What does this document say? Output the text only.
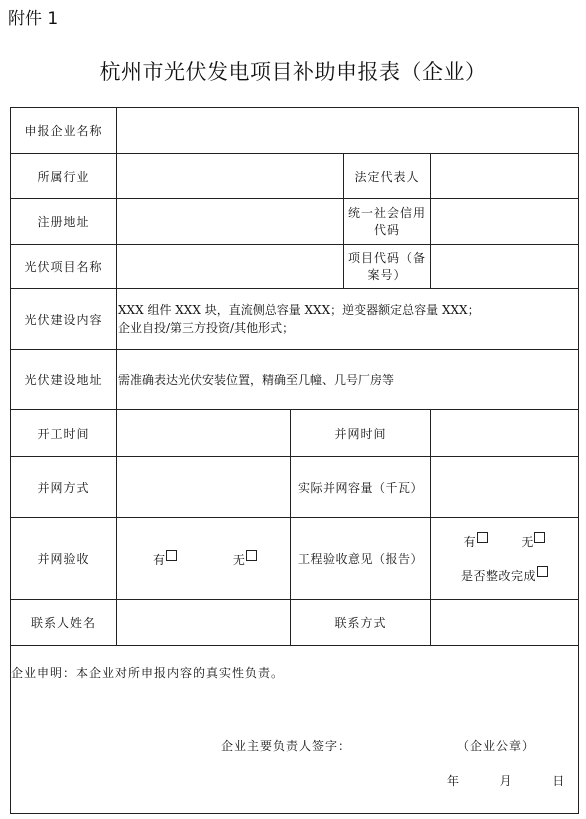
附件 1
杭州市光伏发电项目补助申报表（企业）
申报企业名称				
所属行业			法定代表人	
注册地址			统一社会信用代码	
光伏项目名称			项目代码（备案号）	
光伏建设内容	XXX 组件 XXX 块，直流侧总容量 XXX；逆变器额定总容量 XXX；
企业自投/第三方投资/其他形式；			

光伏建设地址	需准确表达光伏安装位置，精确至几幢、几号厂房等			
开工时间		并网时间		
并网方式		实际并网容量（千瓦）		
并网验收	有 无	工程验收意见（报告）		有 无
是否整改完成

联系人姓名		联系方式		

企业申明：本企业对所申报内容的真实性负责。
企业主要负责人签字： （企业公章）
年 月 日				
